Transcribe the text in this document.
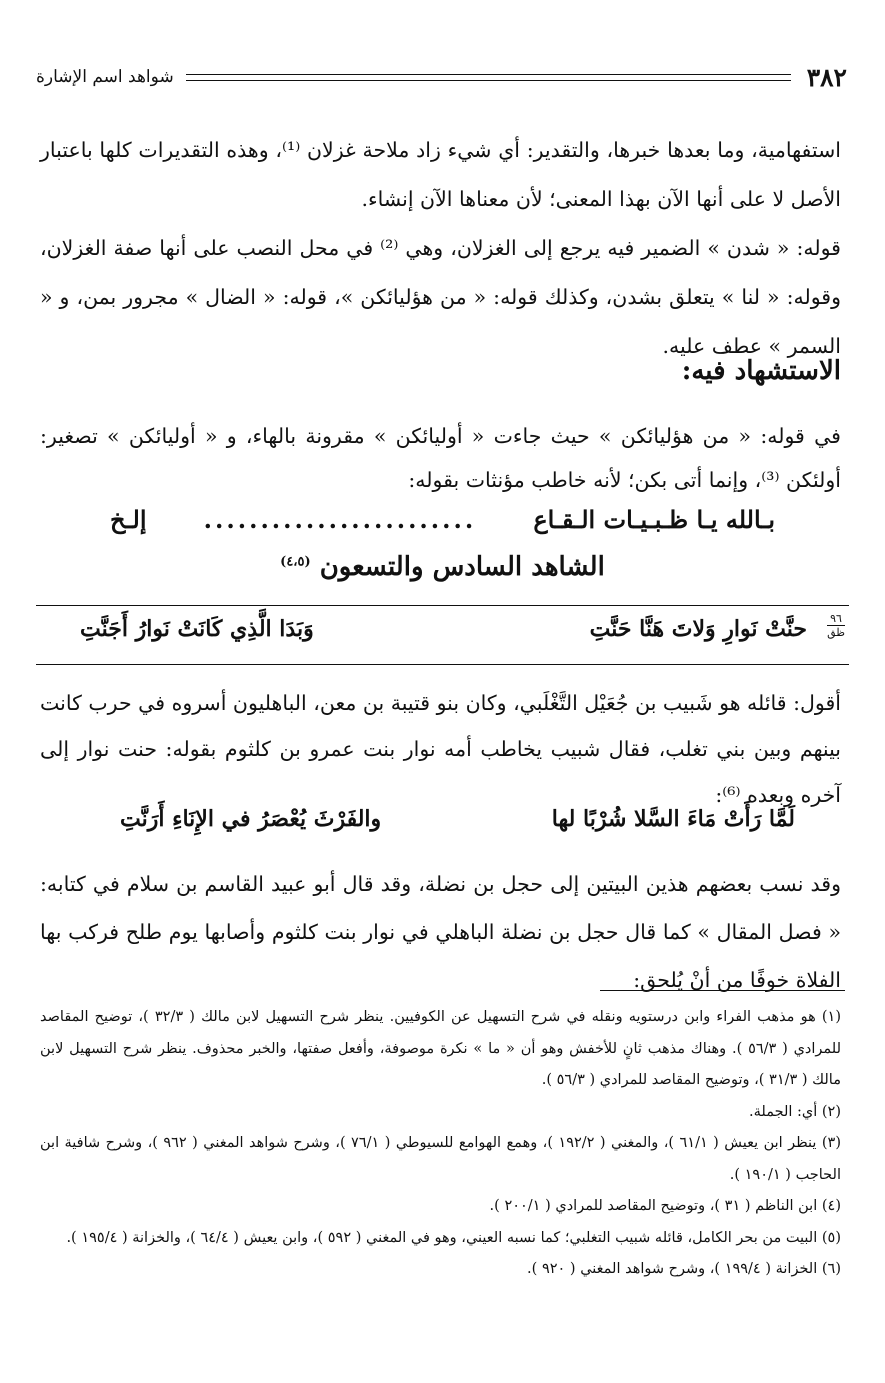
٣٨٢
شواهد اسم الإشارة

استفهامية، وما بعدها خبرها، والتقدير: أي شيء زاد ملاحة غزلان ⁽¹⁾، وهذه التقديرات كلها باعتبار الأصل لا على أنها الآن بهذا المعنى؛ لأن معناها الآن إنشاء.

قوله: « شدن » الضمير فيه يرجع إلى الغزلان، وهي ⁽²⁾ في محل النصب على أنها صفة الغزلان، وقوله: « لنا » يتعلق بشدن، وكذلك قوله: « من هؤليائكن »، قوله: « الضال » مجرور بمن، و « السمر » عطف عليه.

الاستشهاد فيه:
في قوله: « من هؤليائكن » حيث جاءت « أوليائكن » مقرونة بالهاء، و « أوليائكن » تصغير: أولئكن ⁽³⁾، وإنما أتى بكن؛ لأنه خاطب مؤنثات بقوله:
بـالله يـا ظـبـيـات الـقـاع
........................
إلـخ
الشاهد السادس والتسعون $^{(٤،٥)}$
٩٦
ظق
حنَّتْ نَوارِ وَلاتَ هَنَّا حَنَّتِ
وَبَدَا الَّذِي كَانَتْ نَوارُ أَجَنَّتِ
أقول: قائله هو شَبيب بن جُعَيْل التَّغْلَبي، وكان بنو قتيبة بن معن، الباهليون أسروه في حرب كانت بينهم وبين بني تغلب، فقال شبيب يخاطب أمه نوار بنت عمرو بن كلثوم بقوله: حنت نوار إلى آخره وبعده ⁽⁶⁾:
لَمَّا رَأَتْ مَاءَ السَّلا شُرْبًا لها
والفَرْثَ يُعْصَرُ في الإِنَاءِ أَرَنَّتِ
وقد نسب بعضهم هذين البيتين إلى حجل بن نضلة، وقد قال أبو عبيد القاسم بن سلام في كتابه: « فصل المقال » كما قال حجل بن نضلة الباهلي في نوار بنت كلثوم وأصابها يوم طلح فركب بها الفلاة خوفًا من أنْ يُلحق:

(١) هو مذهب الفراء وابن درستويه ونقله في شرح التسهيل عن الكوفيين. ينظر شرح التسهيل لابن مالك ( ٣٢/٣ )، توضيح المقاصد للمرادي ( ٥٦/٣ ). وهناك مذهب ثانٍ للأخفش وهو أن « ما » نكرة موصوفة، وأفعل صفتها، والخبر محذوف. ينظر شرح التسهيل لابن مالك ( ٣١/٣ )، وتوضيح المقاصد للمرادي ( ٥٦/٣ ).

(٢) أي: الجملة.

(٣) ينظر ابن يعيش ( ٦١/١ )، والمغني ( ١٩٢/٢ )، وهمع الهوامع للسيوطي ( ٧٦/١ )، وشرح شواهد المغني ( ٩٦٢ )، وشرح شافية ابن الحاجب ( ١٩٠/١ ).

(٤) ابن الناظم ( ٣١ )، وتوضيح المقاصد للمرادي ( ٢٠٠/١ ).

(٥) البيت من بحر الكامل، قائله شبيب التغلبي؛ كما نسبه العيني، وهو في المغني ( ٥٩٢ )، وابن يعيش ( ٦٤/٤ )، والخزانة ( ١٩٥/٤ ).

(٦) الخزانة ( ١٩٩/٤ )، وشرح شواهد المغني ( ٩٢٠ ).
